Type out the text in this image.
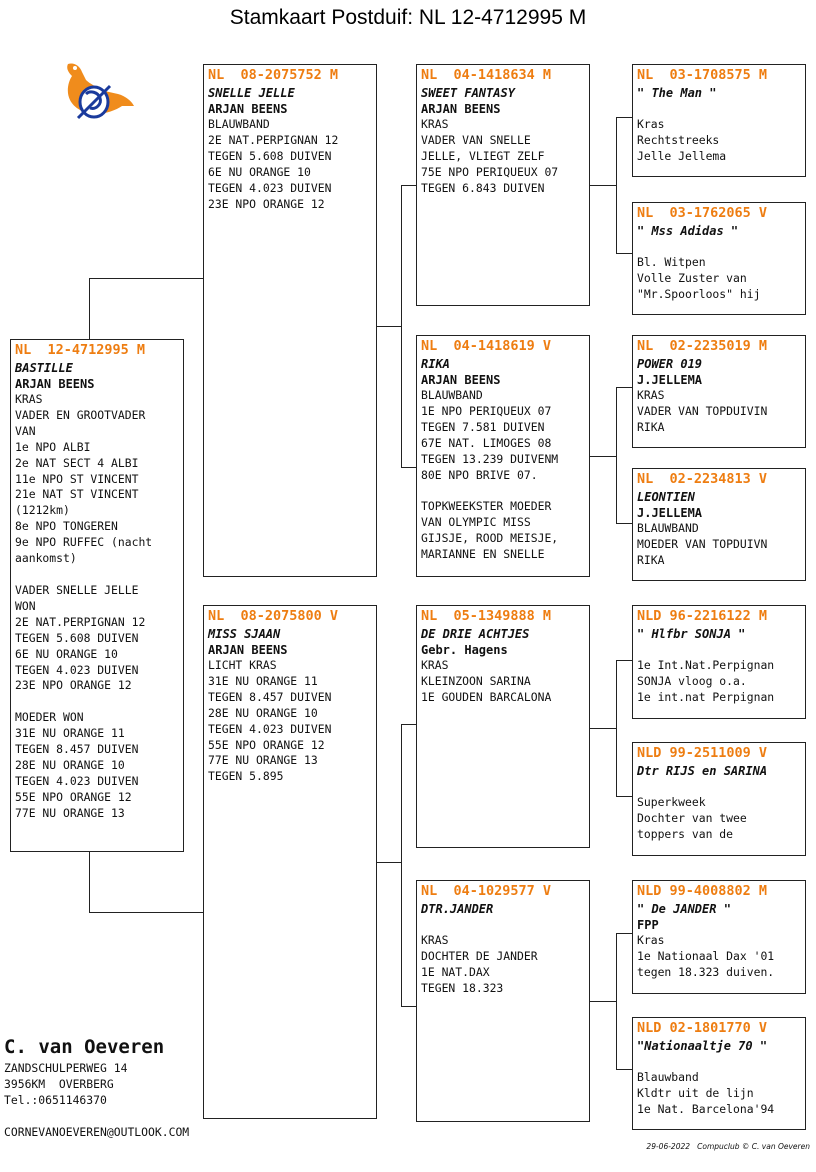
Stamkaart Postduif: NL 12-4712995 M
NL  12-4712995 M
BASTILLE
ARJAN BEENS
KRAS
VADER EN GROOTVADER
VAN
1e NPO ALBI
2e NAT SECT 4 ALBI
11e NPO ST VINCENT
21e NAT ST VINCENT
(1212km)
8e NPO TONGEREN
9e NPO RUFFEC (nacht
aankomst)
VADER SNELLE JELLE
WON
2E NAT.PERPIGNAN 12
TEGEN 5.608 DUIVEN
6E NU ORANGE 10
TEGEN 4.023 DUIVEN
23E NPO ORANGE 12
MOEDER WON
31E NU ORANGE 11
TEGEN 8.457 DUIVEN
28E NU ORANGE 10
TEGEN 4.023 DUIVEN
55E NPO ORANGE 12
77E NU ORANGE 13
NL  08-2075752 M
SNELLE JELLE
ARJAN BEENS
BLAUWBAND
2E NAT.PERPIGNAN 12
TEGEN 5.608 DUIVEN
6E NU ORANGE 10
TEGEN 4.023 DUIVEN
23E NPO ORANGE 12
NL  08-2075800 V
MISS SJAAN
ARJAN BEENS
LICHT KRAS
31E NU ORANGE 11
TEGEN 8.457 DUIVEN
28E NU ORANGE 10
TEGEN 4.023 DUIVEN
55E NPO ORANGE 12
77E NU ORANGE 13
TEGEN 5.895
NL  04-1418634 M
SWEET FANTASY
ARJAN BEENS
KRAS
VADER VAN SNELLE
JELLE, VLIEGT ZELF
75E NPO PERIQUEUX 07
TEGEN 6.843 DUIVEN
NL  04-1418619 V
RIKA
ARJAN BEENS
BLAUWBAND
1E NPO PERIQUEUX 07
TEGEN 7.581 DUIVEN
67E NAT. LIMOGES 08
TEGEN 13.239 DUIVENM
80E NPO BRIVE 07.
TOPKWEEKSTER MOEDER
VAN OLYMPIC MISS
GIJSJE, ROOD MEISJE,
MARIANNE EN SNELLE
NL  05-1349888 M
DE DRIE ACHTJES
Gebr. Hagens
KRAS
KLEINZOON SARINA
1E GOUDEN BARCALONA
NL  04-1029577 V
DTR.JANDER

KRAS
DOCHTER DE JANDER
1E NAT.DAX
TEGEN 18.323
NL  03-1708575 M
" The Man "

Kras
Rechtstreeks
Jelle Jellema
NL  03-1762065 V
" Mss Adidas "

Bl. Witpen
Volle Zuster van
"Mr.Spoorloos" hij
NL  02-2235019 M
POWER 019
J.JELLEMA
KRAS
VADER VAN TOPDUIVIN
RIKA
NL  02-2234813 V
LEONTIEN
J.JELLEMA
BLAUWBAND
MOEDER VAN TOPDUIVN
RIKA
NLD 96-2216122 M
" Hlfbr SONJA "

1e Int.Nat.Perpignan
SONJA vloog o.a.
1e int.nat Perpignan
NLD 99-2511009 V
Dtr RIJS en SARINA

Superkweek
Dochter van twee
toppers van de
NLD 99-4008802 M
" De JANDER "
FPP
Kras
1e Nationaal Dax '01
tegen 18.323 duiven.
NLD 02-1801770 V
"Nationaaltje 70 "

Blauwband
Kldtr uit de lijn
1e Nat. Barcelona'94
C. van Oeveren
ZANDSCHULPERWEG 14
3956KM  OVERBERG
Tel.:0651146370
CORNEVANOEVEREN@OUTLOOK.COM
29-06-2022   Compuclub © C. van Oeveren
